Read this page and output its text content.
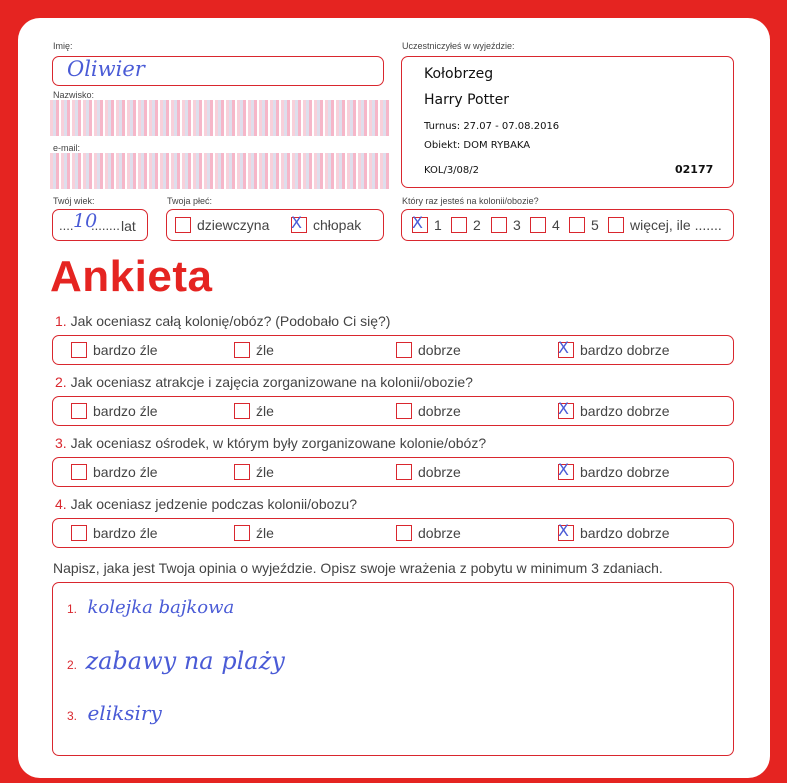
Imię:
Oliwier
Nazwisko:
e-mail:
Uczestniczyłeś w wyjeździe:
Kołobrzeg
Harry Potter
Turnus: 27.07 - 07.08.2016
Obiekt: DOM RYBAKA
KOL/3/08/2	02177
Twój wiek:
.... 10
........ lat
Twoja płeć:
dziewczyna X chłopak
Który raz jesteś na kolonii/obozie?
X 1 2 3 4 5 więcej, ile .......
Ankieta
1. Jak oceniasz całą kolonię/obóz? (Podobało Ci się?)
bardzo źle	źle	dobrze	X bardzo dobrze
2. Jak oceniasz atrakcje i zajęcia zorganizowane na kolonii/obozie?
bardzo źle	źle	dobrze	X bardzo dobrze
3. Jak oceniasz ośrodek, w którym były zorganizowane kolonie/obóz?
bardzo źle	źle	dobrze	X bardzo dobrze
4. Jak oceniasz jedzenie podczas kolonii/obozu?
bardzo źle	źle	dobrze	X bardzo dobrze
Napisz, jaka jest Twoja opinia o wyjeździe. Opisz swoje wrażenia z pobytu w minimum 3 zdaniach.
1. kolejka bajkowa
2. zabawy na plaży
3. eliksiry
